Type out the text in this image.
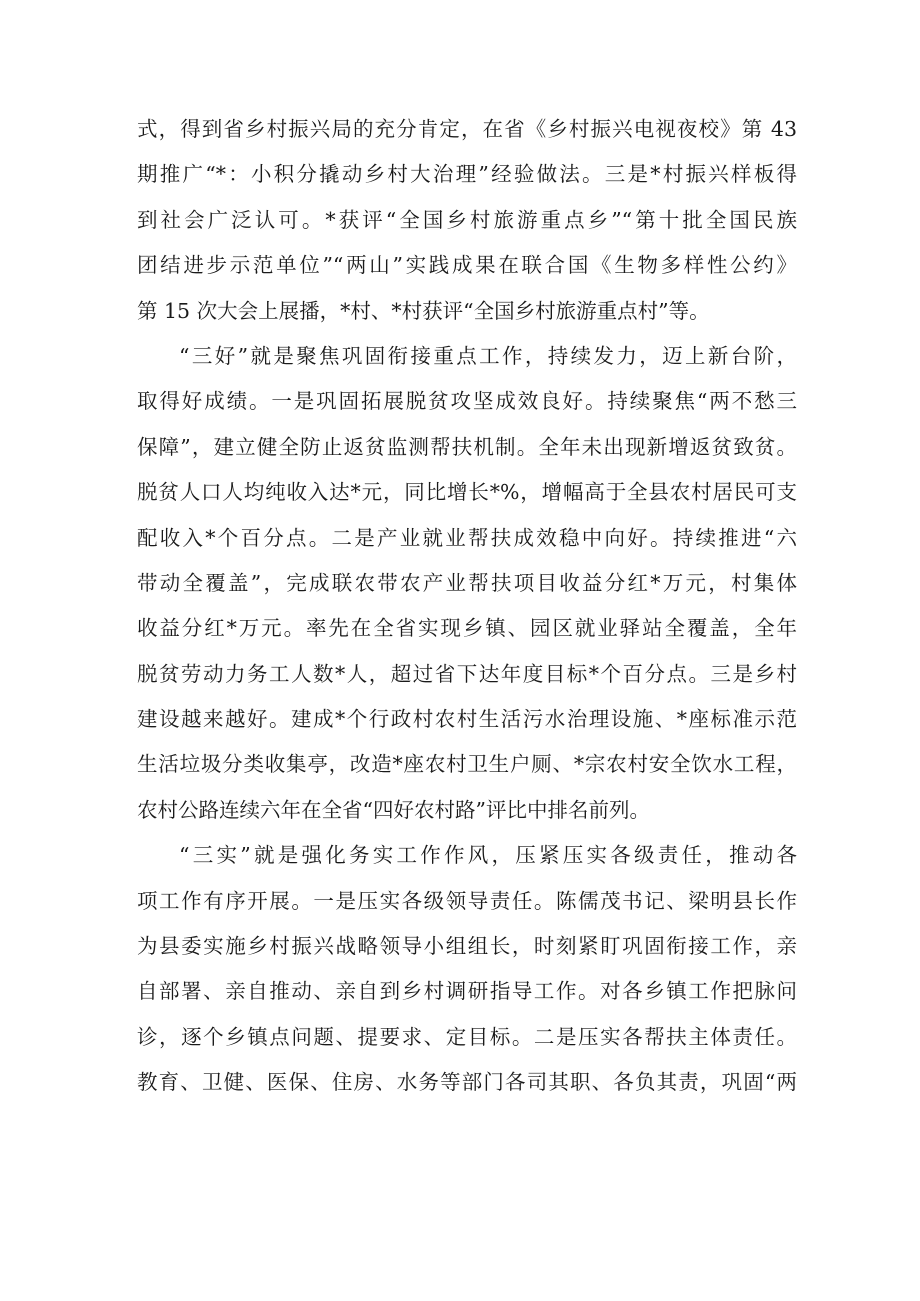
式，得到省乡村振兴局的充分肯定，在省《乡村振兴电视夜校》第 43
期推广“*：小积分撬动乡村大治理”经验做法。三是*村振兴样板得
到社会广泛认可。*获评“全国乡村旅游重点乡”“第十批全国民族
团结进步示范单位”“两山”实践成果在联合国《生物多样性公约》
第 15 次大会上展播，*村、*村获评“全国乡村旅游重点村”等。
“三好”就是聚焦巩固衔接重点工作，持续发力，迈上新台阶，
取得好成绩。一是巩固拓展脱贫攻坚成效良好。持续聚焦“两不愁三
保障”，建立健全防止返贫监测帮扶机制。全年未出现新增返贫致贫。
脱贫人口人均纯收入达*元，同比增长*%，增幅高于全县农村居民可支
配收入*个百分点。二是产业就业帮扶成效稳中向好。持续推进“六
带动全覆盖”，完成联农带农产业帮扶项目收益分红*万元，村集体
收益分红*万元。率先在全省实现乡镇、园区就业驿站全覆盖，全年
脱贫劳动力务工人数*人，超过省下达年度目标*个百分点。三是乡村
建设越来越好。建成*个行政村农村生活污水治理设施、*座标准示范
生活垃圾分类收集亭，改造*座农村卫生户厕、*宗农村安全饮水工程，
农村公路连续六年在全省“四好农村路”评比中排名前列。
“三实”就是强化务实工作作风，压紧压实各级责任，推动各
项工作有序开展。一是压实各级领导责任。陈儒茂书记、梁明县长作
为县委实施乡村振兴战略领导小组组长，时刻紧盯巩固衔接工作，亲
自部署、亲自推动、亲自到乡村调研指导工作。对各乡镇工作把脉问
诊，逐个乡镇点问题、提要求、定目标。二是压实各帮扶主体责任。
教育、卫健、医保、住房、水务等部门各司其职、各负其责，巩固“两
